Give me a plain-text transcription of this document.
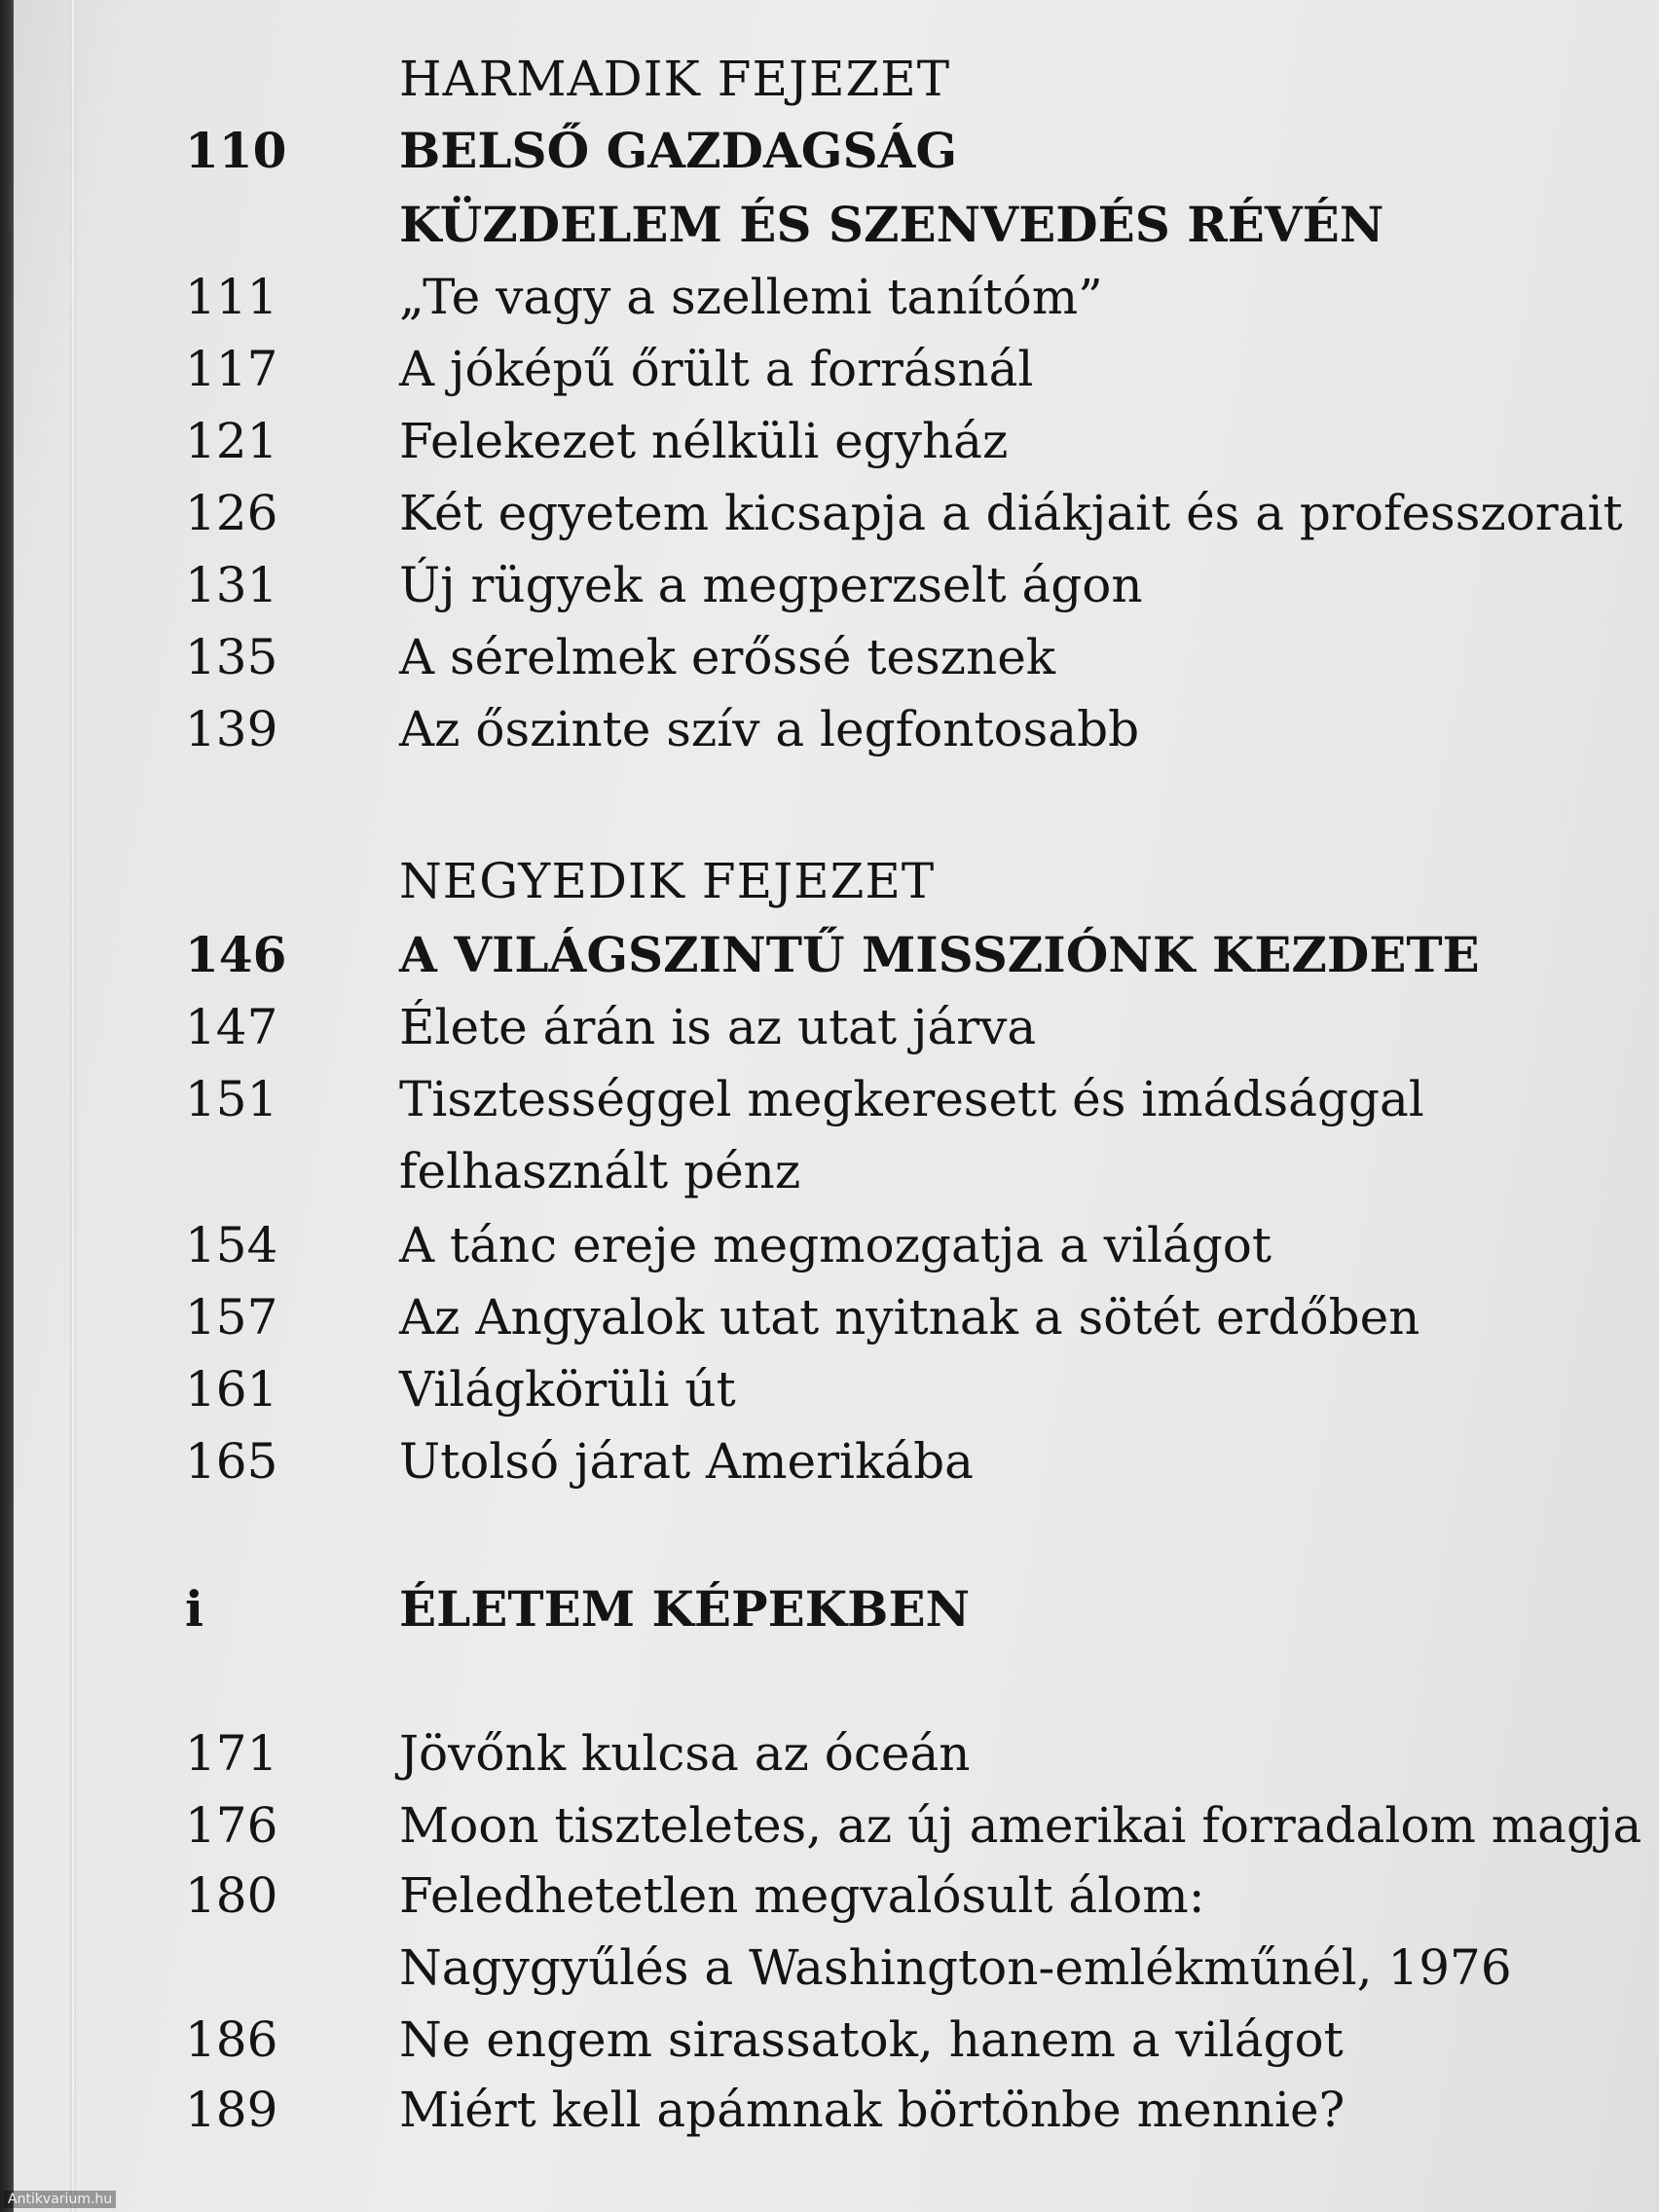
HARMADIK FEJEZET
110	BELSŐ GAZDAGSÁG
KÜZDELEM ÉS SZENVEDÉS RÉVÉN
111	„Te vagy a szellemi tanítóm”
117	A jóképű őrült a forrásnál
121	Felekezet nélküli egyház
126	Két egyetem kicsapja a diákjait és a professzorait
131	Új rügyek a megperzselt ágon
135	A sérelmek erőssé tesznek
139	Az őszinte szív a legfontosabb
NEGYEDIK FEJEZET
146	A VILÁGSZINTŰ MISSZIÓNK KEZDETE
147	Élete árán is az utat járva
151	Tisztességgel megkeresett és imádsággal
felhasznált pénz
154	A tánc ereje megmozgatja a világot
157	Az Angyalok utat nyitnak a sötét erdőben
161	Világkörüli út
165	Utolsó járat Amerikába
i	ÉLETEM KÉPEKBEN
171	Jövőnk kulcsa az óceán
176	Moon tiszteletes, az új amerikai forradalom magja
180	Feledhetetlen megvalósult álom:
Nagygyűlés a Washington-emlékműnél, 1976
186	Ne engem sirassatok, hanem a világot
189	Miért kell apámnak börtönbe mennie?
Antikvarium.hu
